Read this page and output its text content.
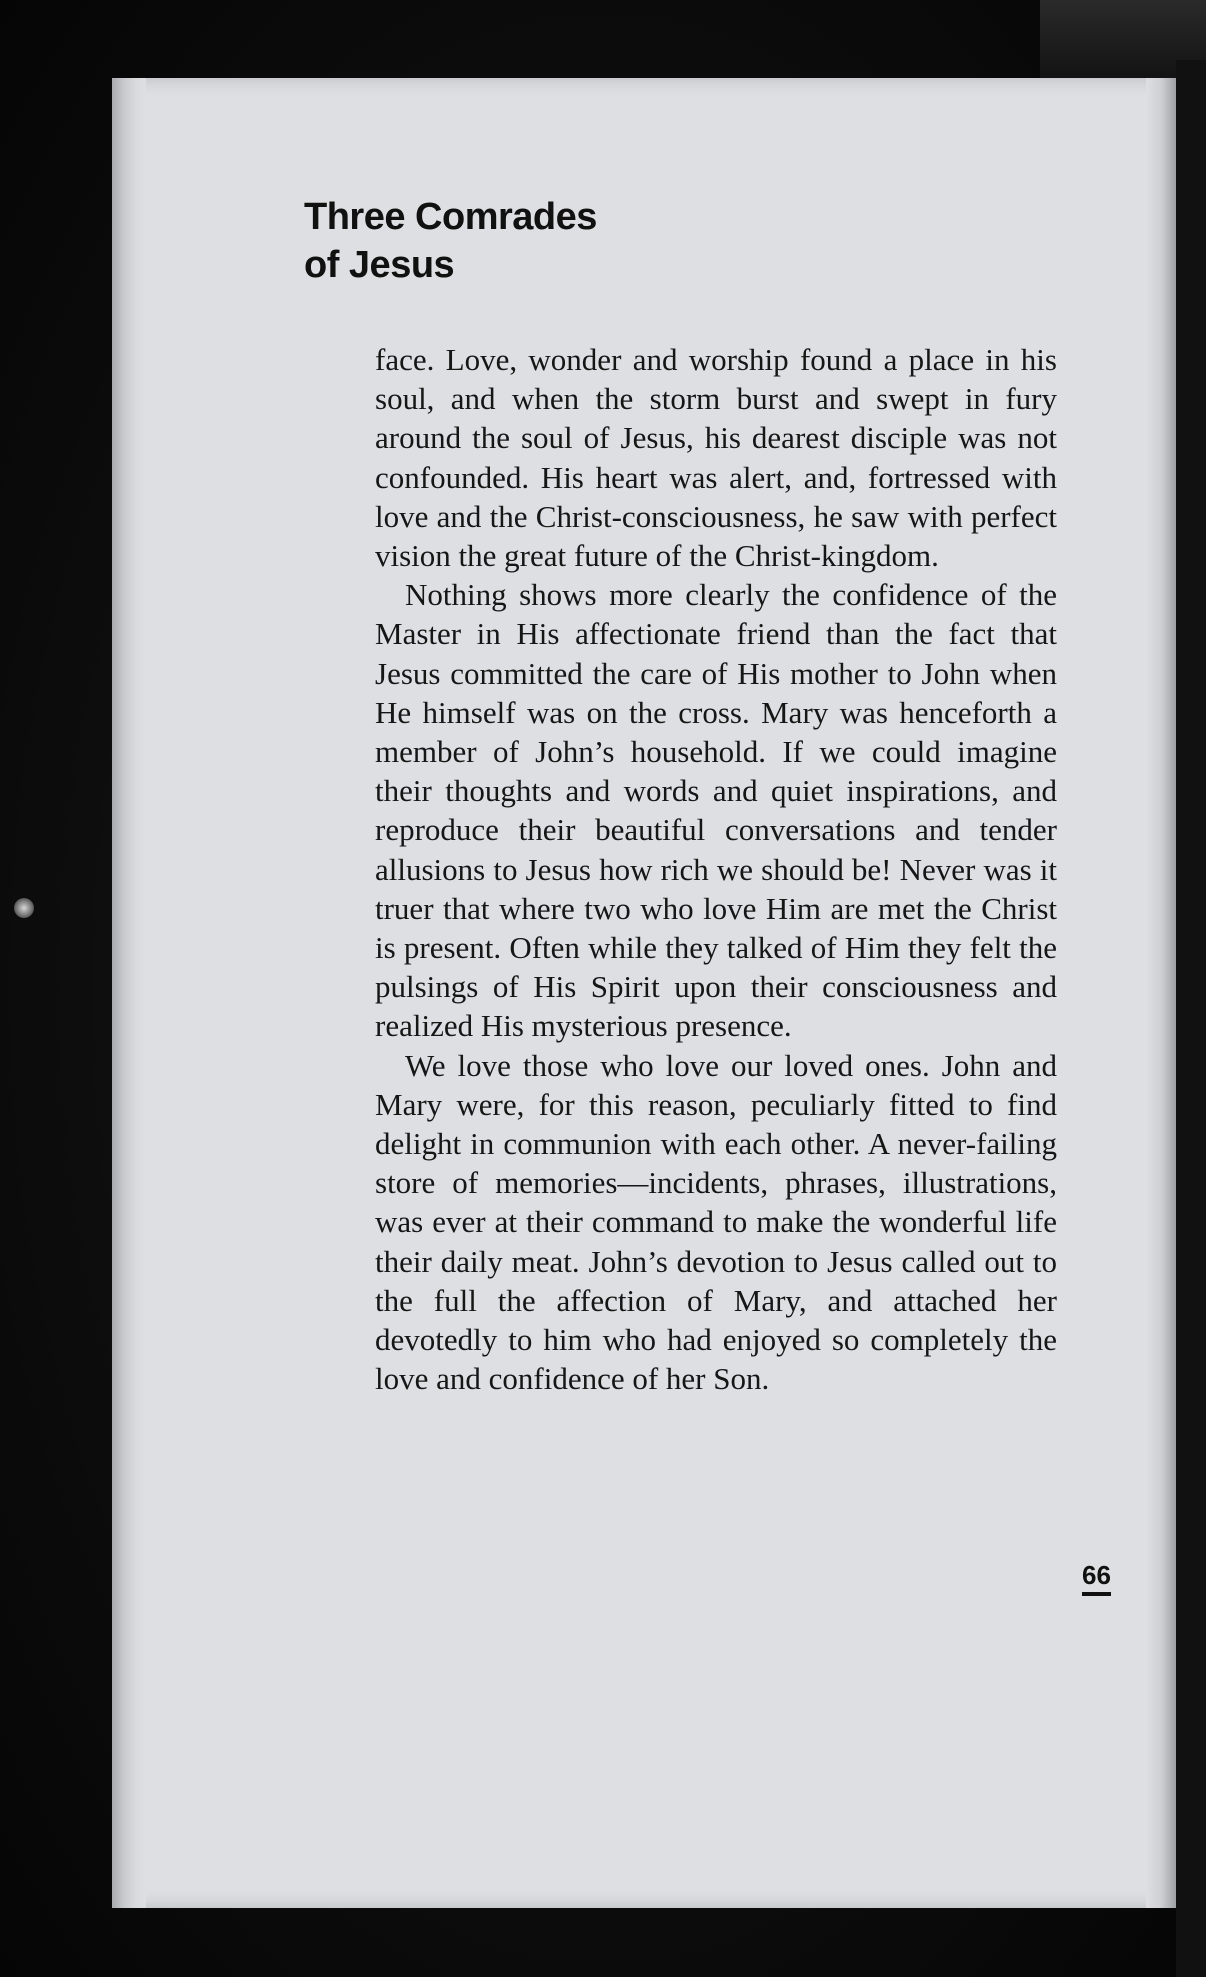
Three Comrades
of Jesus

face. Love, wonder and worship found a place in his soul, and when the storm burst and swept in fury around the soul of Jesus, his dearest disciple was not confounded. His heart was alert, and, fortressed with love and the Christ-consciousness, he saw with perfect vision the great future of the Christ-kingdom.

Nothing shows more clearly the confidence of the Master in His affectionate friend than the fact that Jesus committed the care of His mother to John when He himself was on the cross. Mary was henceforth a member of John’s household. If we could imagine their thoughts and words and quiet inspirations, and reproduce their beautiful conversations and tender allusions to Jesus how rich we should be! Never was it truer that where two who love Him are met the Christ is present. Often while they talked of Him they felt the pulsings of His Spirit upon their consciousness and realized His mysterious presence.

We love those who love our loved ones. John and Mary were, for this reason, peculiarly fitted to find delight in communion with each other. A never-failing store of memories—incidents, phrases, illustrations, was ever at their command to make the wonderful life their daily meat. John’s devotion to Jesus called out to the full the affection of Mary, and attached her devotedly to him who had enjoyed so completely the love and confidence of her Son.

66
